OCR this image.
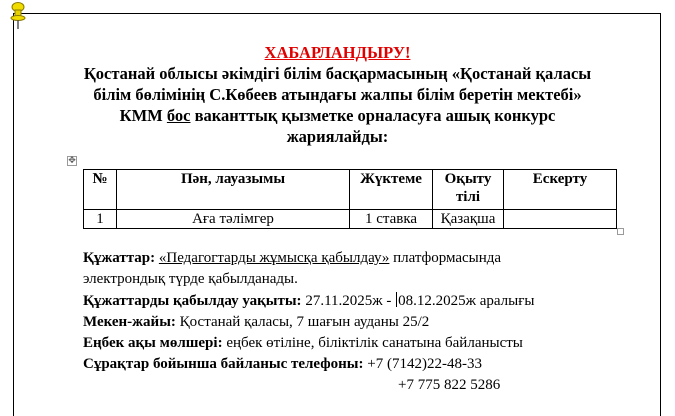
ХАБАРЛАНДЫРУ!
Қостанай облысы әкімдігі білім басқармасының «Қостанай қаласы
білім бөлімінің С.Көбеев атындағы жалпы білім беретін мектебі»
КММ бос ваканттық қызметке орналасуға ашық конкурс
жариялайды:
✥
№	Пән, лауазымы	Жүктеме	Оқыту тілі	Ескерту
1	Аға тәлімгер	1 ставка	Қазақша	
Құжаттар: «Педагогтарды жұмысқа қабылдау» платформасында
электрондық түрде қабылданады.
Құжаттарды қабылдау уақыты: 27.11.2025ж - 08.12.2025ж аралығы
Мекен-жайы: Қостанай қаласы, 7 шағын ауданы 25/2
Еңбек ақы мөлшері: еңбек өтіліне, біліктілік санатына байланысты
Сұрақтар бойынша байланыс телефоны: +7 (7142)22-48-33
+7 775 822 5286
